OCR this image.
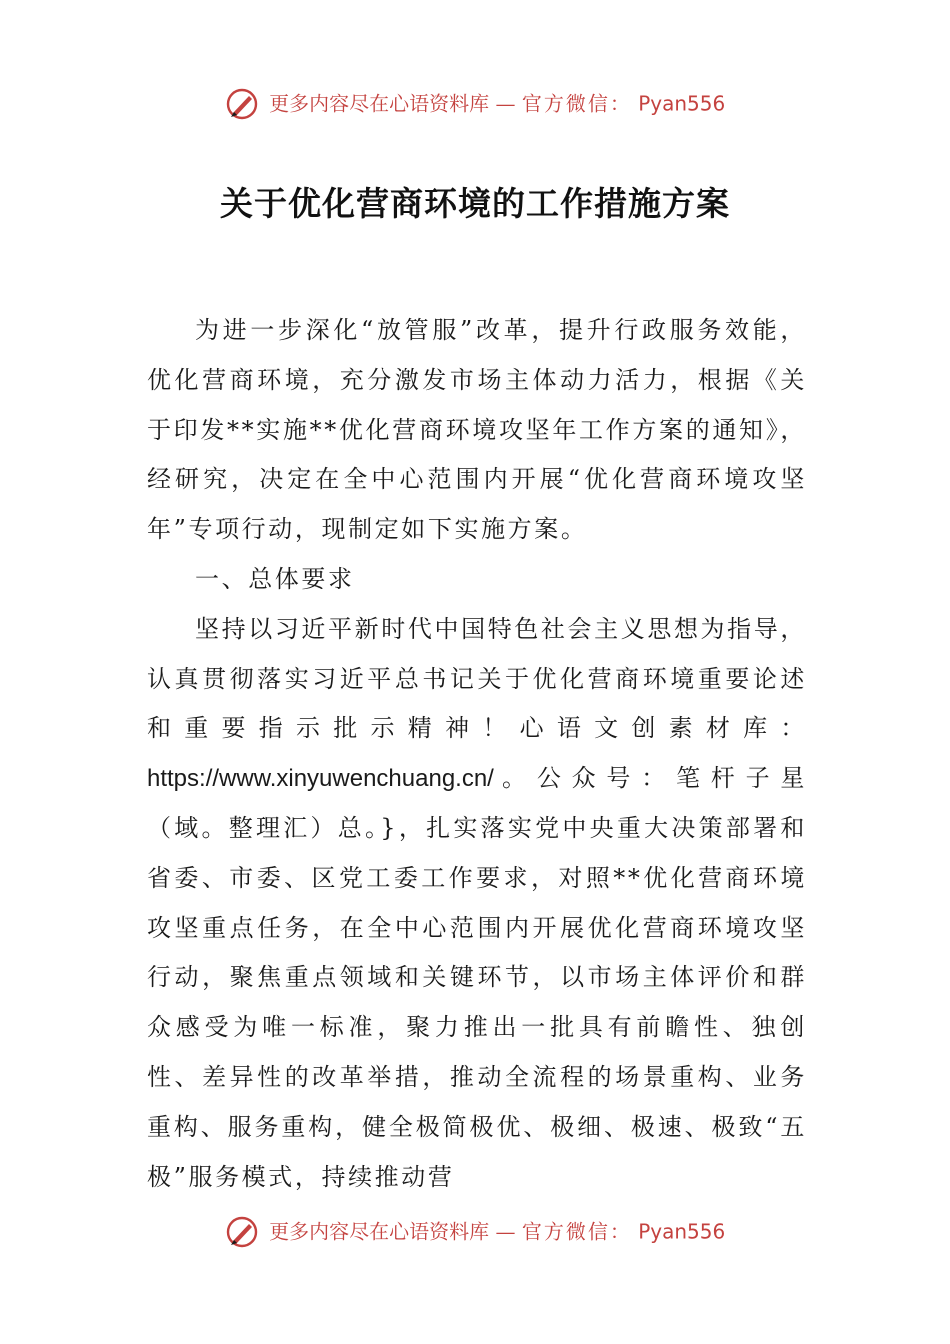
更多内容尽在心语资料库 — 官方微信： Pyan556
关于优化营商环境的工作措施方案

为进一步深化“放管服”改革，提升行政服务效能，优化营商环境，充分激发市场主体动力活力，根据《关于印发**实施**优化营商环境攻坚年工作方案的通知》，经研究，决定在全中心范围内开展“优化营商环境攻坚年”专项行动，现制定如下实施方案。

一、总体要求

坚持以习近平新时代中国特色社会主义思想为指导，认真贯彻落实习近平总书记关于优化营商环境重要论述和重要指示批示精神！心语文创素材库：https://www.xinyuwenchuang.cn/。公众号：笔杆子星（域。整理汇）总。}，扎实落实党中央重大决策部署和省委、市委、区党工委工作要求，对照**优化营商环境攻坚重点任务，在全中心范围内开展优化营商环境攻坚行动，聚焦重点领域和关键环节，以市场主体评价和群众感受为唯一标准，聚力推出一批具有前瞻性、独创性、差异性的改革举措，推动全流程的场景重构、业务重构、服务重构，健全极简极优、极细、极速、极致“五极”服务模式，持续推动营

更多内容尽在心语资料库 — 官方微信： Pyan556
